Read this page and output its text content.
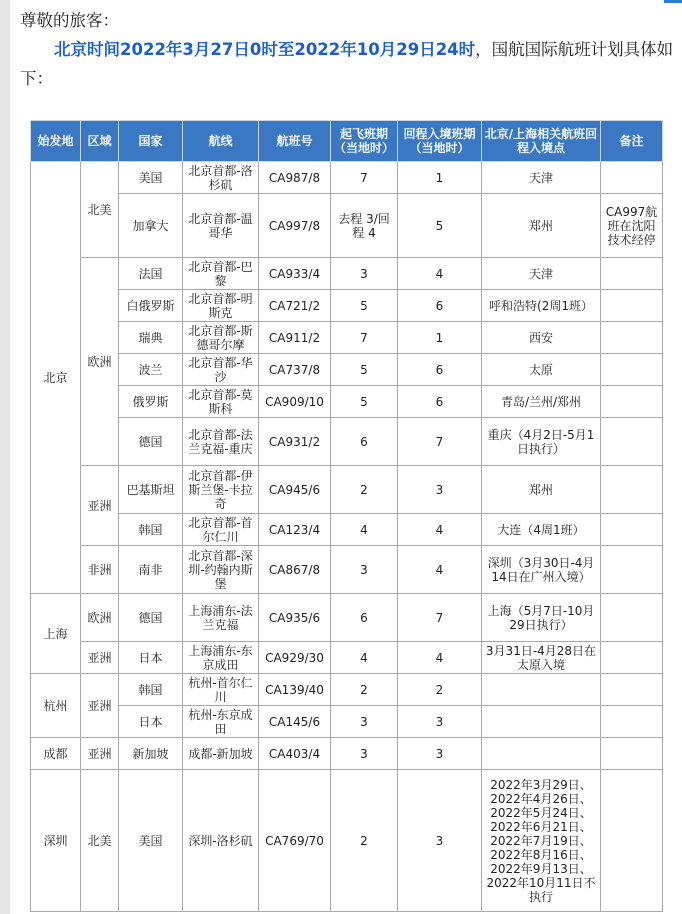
尊敬的旅客：
北京时间2022年3月27日0时至2022年10月29日24时，国航国际航班计划具体如下：
始发地	区域	国家	航线	航班号	起飞班期（当地时）	回程入境班期（当地时）	北京/上海相关航班回程入境点	备注
北京	北美	美国	北京首都-洛杉矶	CA987/8	7	1	天津	
		加拿大	北京首都-温哥华	CA997/8	去程 3/回程 4	5	郑州	CA997航班在沈阳技术经停
	欧洲	法国	北京首都-巴黎	CA933/4	3	4	天津	
		白俄罗斯	北京首都-明斯克	CA721/2	5	6	呼和浩特(2周1班）	
		瑞典	北京首都-斯德哥尔摩	CA911/2	7	1	西安	
		波兰	北京首都-华沙	CA737/8	5	6	太原	
		俄罗斯	北京首都-莫斯科	CA909/10	5	6	青岛/兰州/郑州	
		德国	北京首都-法兰克福-重庆	CA931/2	6	7	重庆（4月2日-5月1日执行）	
	亚洲	巴基斯坦	北京首都-伊斯兰堡-卡拉奇	CA945/6	2	3	郑州	
		韩国	北京首都-首尔仁川	CA123/4	4	4	大连（4周1班）	
	非洲	南非	北京首都-深圳-约翰内斯堡	CA867/8	3	4	深圳（3月30日-4月14日在广州入境）	
上海	欧洲	德国	上海浦东-法兰克福	CA935/6	6	7	上海（5月7日-10月29日执行）	
	亚洲	日本	上海浦东-东京成田	CA929/30	4	4	3月31日-4月28日在太原入境	
杭州	亚洲	韩国	杭州-首尔仁川	CA139/40	2	2		
		日本	杭州-东京成田	CA145/6	3	3		
成都	亚洲	新加坡	成都-新加坡	CA403/4	3	3		
深圳	北美	美国	深圳-洛杉矶	CA769/70	2	3	2022年3月29日、2022年4月26日、2022年5月24日、2022年6月21日、2022年7月19日、2022年8月16日、2022年9月13日、2022年10月11日不执行	
